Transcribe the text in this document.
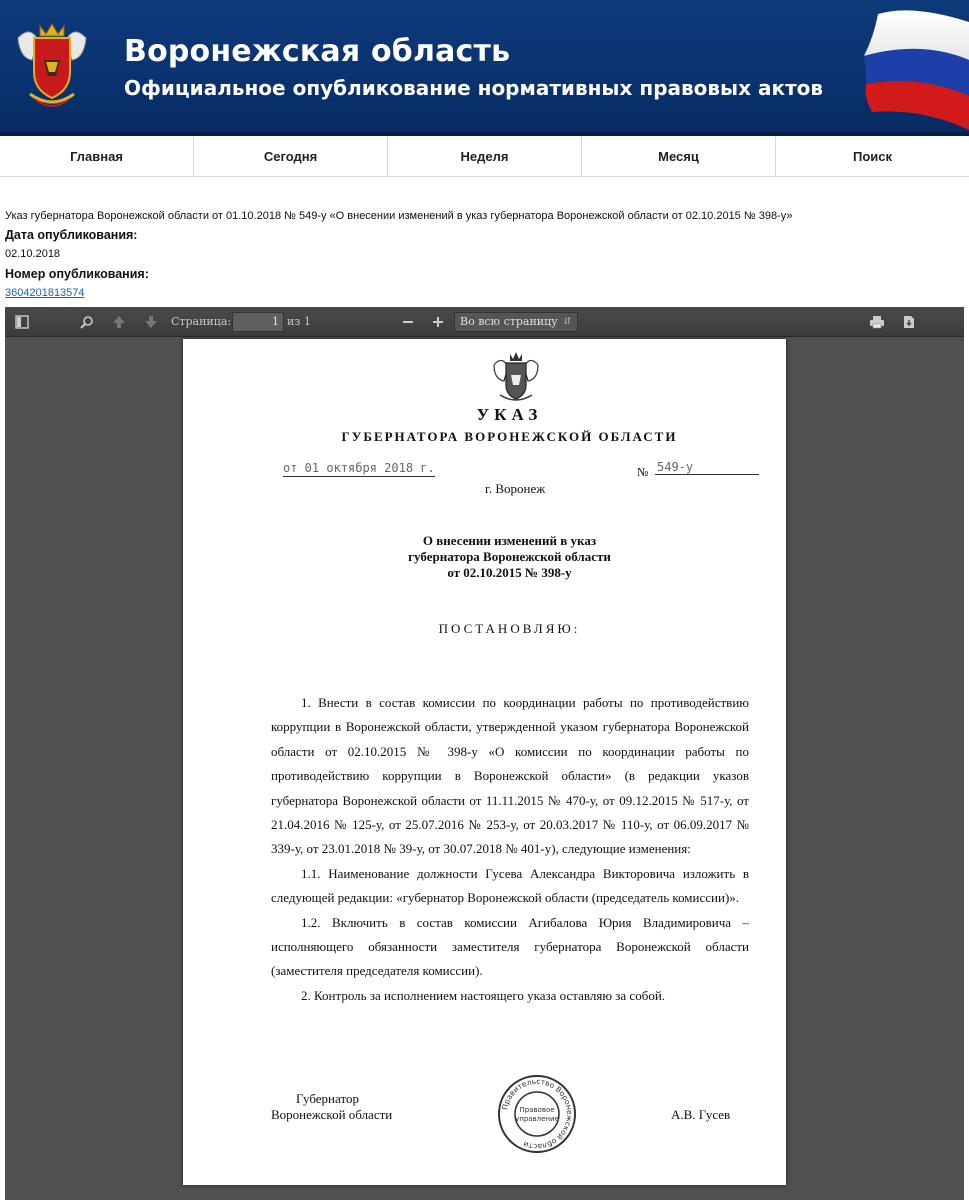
Воронежская область
Официальное опубликование нормативных правовых актов
Главная	Сегодня	Неделя	Месяц	Поиск
Указ губернатора Воронежской области от 01.10.2018 № 549-у «О внесении изменений в указ губернатора Воронежской области от 02.10.2015 № 398-у»
Дата опубликования:
02.10.2018
Номер опубликования:
3604201813574
Страница:	1 из 1	Во всю страницу ⇵
УКАЗ
ГУБЕРНАТОРА ВОРОНЕЖСКОЙ ОБЛАСТИ
от 01 октября 2018 г.	№ 549-у
г. Воронеж
О внесении изменений в указ
губернатора Воронежской области
от 02.10.2015 № 398-у
ПОСТАНОВЛЯЮ:

1. Внести в состав комиссии по координации работы по противодействию коррупции в Воронежской области, утвержденной указом губернатора Воронежской области от 02.10.2015 № 398-у «О комиссии по координации работы по противодействию коррупции в Воронежской области» (в редакции указов губернатора Воронежской области от 11.11.2015 № 470-у, от 09.12.2015 № 517-у, от 21.04.2016 № 125-у, от 25.07.2016 № 253-у, от 20.03.2017 № 110-у, от 06.09.2017 № 339-у, от 23.01.2018 № 39-у, от 30.07.2018 № 401-у), следующие изменения:

1.1. Наименование должности Гусева Александра Викторовича изложить в следующей редакции: «губернатор Воронежской области (председатель комиссии)».

1.2. Включить в состав комиссии Агибалова Юрия Владимировича – исполняющего обязанности заместителя губернатора Воронежской области (заместителя председателя комиссии).

2. Контроль за исполнением настоящего указа оставляю за собой.

Губернатор
Воронежской области
Правительство Воронежской области
Правовое
управление	А.В. Гусев
